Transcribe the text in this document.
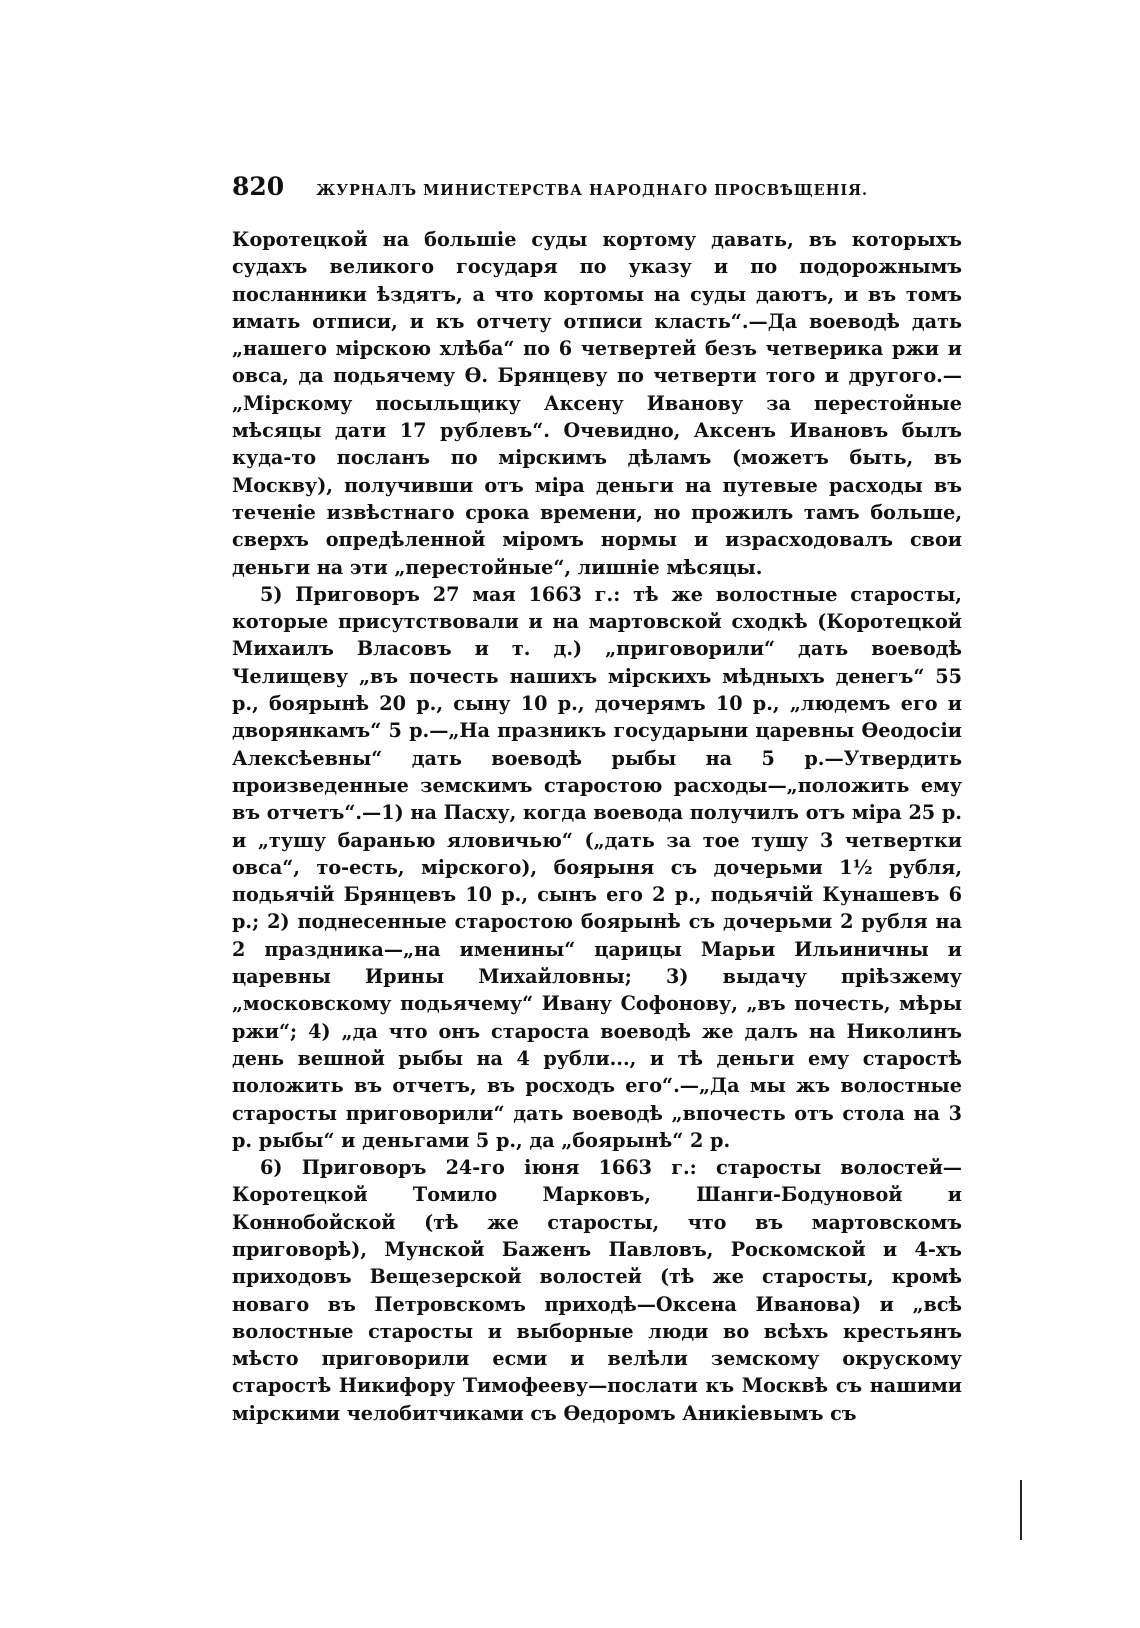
820 ЖУРНАЛЪ МИНИСТЕРСТВА НАРОДНАГО ПРОСВѢЩЕНІЯ.

Коротецкой на большіе суды кортому давать, въ которыхъ судахъ великого государя по указу и по подорожнымъ посланники ѣздятъ, а что кортомы на суды даютъ, и въ томъ имать отписи, и къ отчету отписи класть“.—Да воеводѣ дать „нашего мірскою хлѣба“ по 6 четвертей безъ четверика ржи и овса, да подьячему Ѳ. Брянцеву по четверти того и другого.—„Мірскому посыльщику Аксену Иванову за перестойные мѣсяцы дати 17 рублевъ“. Очевидно, Аксенъ Ивановъ былъ куда-то посланъ по мірскимъ дѣламъ (можетъ быть, въ Москву), получивши отъ міра деньги на путевые расходы въ теченіе извѣстнаго срока времени, но прожилъ тамъ больше, сверхъ опредѣленной міромъ нормы и израсходовалъ свои деньги на эти „перестойные“, лишніе мѣсяцы.

5) Приговоръ 27 мая 1663 г.: тѣ же волостные старосты, которые присутствовали и на мартовской сходкѣ (Коротецкой Михаилъ Власовъ и т. д.) „приговорили“ дать воеводѣ Челищеву „въ почесть нашихъ мірскихъ мѣдныхъ денегъ“ 55 р., боярынѣ 20 р., сыну 10 р., дочерямъ 10 р., „людемъ его и дворянкамъ“ 5 р.—„На празникъ государыни царевны Ѳеодосіи Алексѣевны“ дать воеводѣ рыбы на 5 р.—Утвердить произведенные земскимъ старостою расходы—„положить ему въ отчетъ“.—1) на Пасху, когда воевода получилъ отъ міра 25 р. и „тушу баранью яловичью“ („дать за тое тушу 3 четвертки овса“, то-есть, мірского), боярыня съ дочерьми 1½ рубля, подьячій Брянцевъ 10 р., сынъ его 2 р., подьячій Кунашевъ 6 р.; 2) поднесенные старостою боярынѣ съ дочерьми 2 рубля на 2 праздника—„на именины“ царицы Марьи Ильиничны и царевны Ирины Михайловны; 3) выдачу пріѣзжему „московскому подьячему“ Ивану Софонову, „въ почесть, мѣры ржи“; 4) „да что онъ староста воеводѣ же далъ на Николинъ день вешной рыбы на 4 рубли..., и тѣ деньги ему старостѣ положить въ отчетъ, въ росходъ его“.—„Да мы жъ волостные старосты приговорили“ дать воеводѣ „впочесть отъ стола на 3 р. рыбы“ и деньгами 5 р., да „боярынѣ“ 2 р.

6) Приговоръ 24-го іюня 1663 г.: старосты волостей—Коротецкой Томило Марковъ, Шанги-Бодуновой и Коннобойской (тѣ же старосты, что въ мартовскомъ приговорѣ), Мунской Баженъ Павловъ, Роскомской и 4-хъ приходовъ Вещезерской волостей (тѣ же старосты, кромѣ новаго въ Петровскомъ приходѣ—Оксена Иванова) и „всѣ волостные старосты и выборные люди во всѣхъ крестьянъ мѣсто приговорили есми и велѣли земскому окрускому старостѣ Никифору Тимофееву—послати къ Москвѣ съ нашими мірскими челобитчиками съ Ѳедоромъ Аникіевымъ съ
